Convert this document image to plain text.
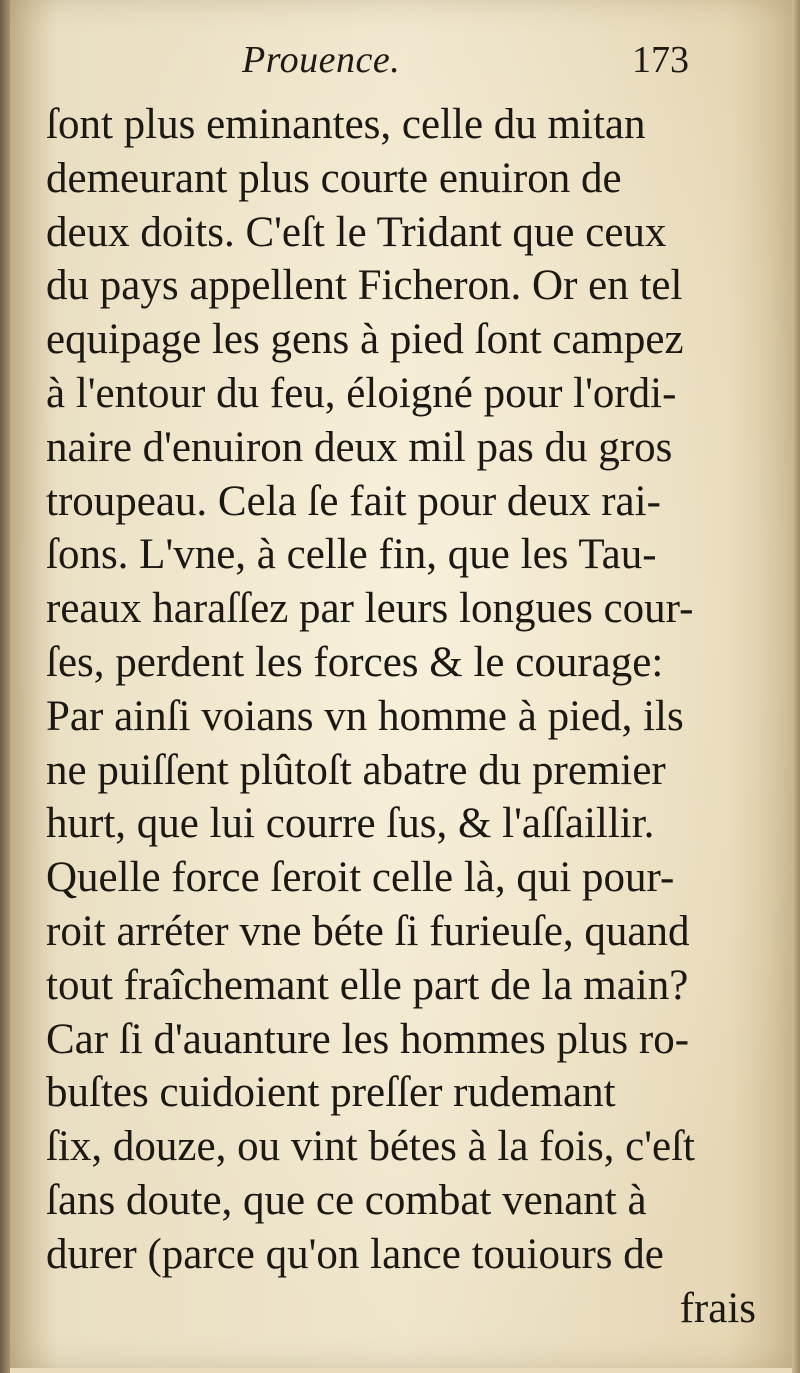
Prouence.	173
ſont plus eminantes, celle du mitan
demeurant plus courte enuiron de
deux doits. C'eſt le Tridant que ceux
du pays appellent Ficheron. Or en tel
equipage les gens à pied ſont campez
à l'entour du feu, éloigné pour l'ordi-
naire d'enuiron deux mil pas du gros
troupeau. Cela ſe fait pour deux rai-
ſons. L'vne, à celle fin, que les Tau-
reaux haraſſez par leurs longues cour-
ſes, perdent les forces & le courage:
Par ainſi voians vn homme à pied, ils
ne puiſſent plûtoſt abatre du premier
hurt, que lui courre ſus, & l'aſſaillir.
Quelle force ſeroit celle là, qui pour-
roit arréter vne béte ſi furieuſe, quand
tout fraîchemant elle part de la main?
Car ſi d'auanture les hommes plus ro-
buſtes cuidoient preſſer rudemant
ſix, douze, ou vint bétes à la fois, c'eſt
ſans doute, que ce combat venant à
durer (parce qu'on lance touiours de
frais
